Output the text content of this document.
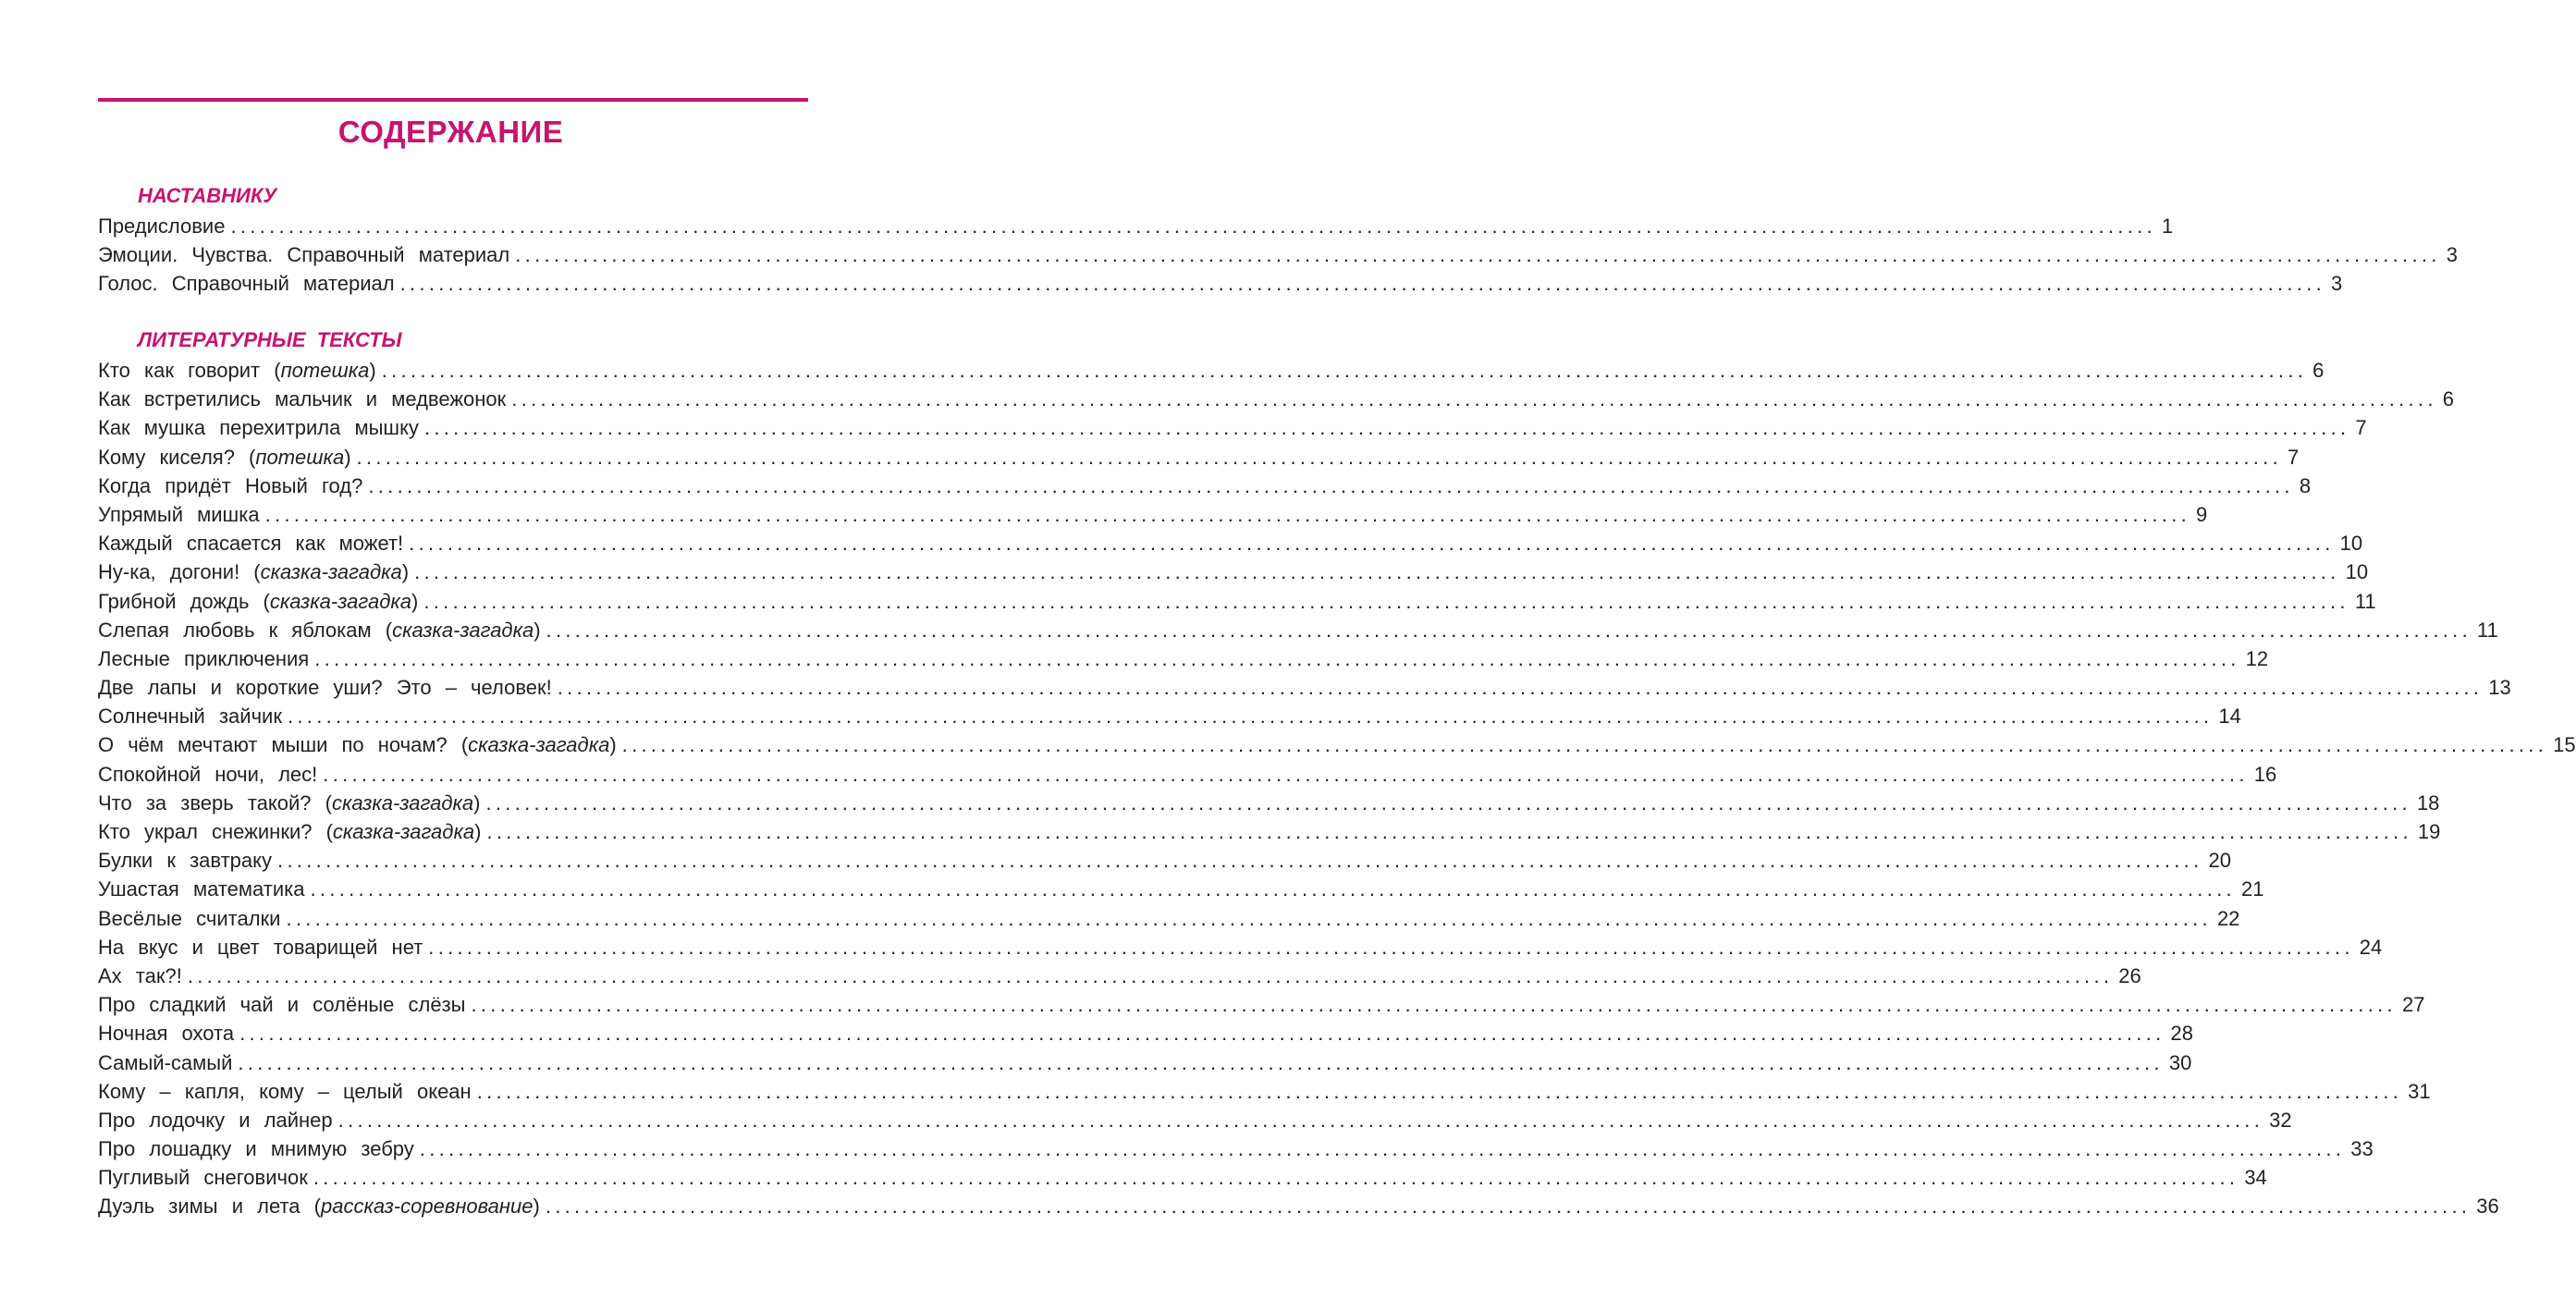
СОДЕРЖАНИЕ
НАСТАВНИКУ
Предисловие ........................................................................................................................................................................................................ 1
Эмоции. Чувства. Справочный материал ........................................................................................................................................................................................................ 3
Голос. Справочный материал ........................................................................................................................................................................................................ 3
ЛИТЕРАТУРНЫЕ ТЕКСТЫ
Кто как говорит (потешка) ........................................................................................................................................................................................................ 6
Как встретились мальчик и медвежонок ........................................................................................................................................................................................................ 6
Как мушка перехитрила мышку ........................................................................................................................................................................................................ 7
Кому киселя? (потешка) ........................................................................................................................................................................................................ 7
Когда придёт Новый год? ........................................................................................................................................................................................................ 8
Упрямый мишка ........................................................................................................................................................................................................ 9
Каждый спасается как может! ........................................................................................................................................................................................................ 10
Ну-ка, догони! (сказка-загадка) ........................................................................................................................................................................................................ 10
Грибной дождь (сказка-загадка) ........................................................................................................................................................................................................ 11
Слепая любовь к яблокам (сказка-загадка) ........................................................................................................................................................................................................ 11
Лесные приключения ........................................................................................................................................................................................................ 12
Две лапы и короткие уши? Это – человек! ........................................................................................................................................................................................................ 13
Солнечный зайчик ........................................................................................................................................................................................................ 14
О чём мечтают мыши по ночам? (сказка-загадка) ........................................................................................................................................................................................................ 15
Спокойной ночи, лес! ........................................................................................................................................................................................................ 16
Что за зверь такой? (сказка-загадка) ........................................................................................................................................................................................................ 18
Кто украл снежинки? (сказка-загадка) ........................................................................................................................................................................................................ 19
Булки к завтраку ........................................................................................................................................................................................................ 20
Ушастая математика ........................................................................................................................................................................................................ 21
Весёлые считалки ........................................................................................................................................................................................................ 22
На вкус и цвет товарищей нет ........................................................................................................................................................................................................ 24
Ах так?! ........................................................................................................................................................................................................ 26
Про сладкий чай и солёные слёзы ........................................................................................................................................................................................................ 27
Ночная охота ........................................................................................................................................................................................................ 28
Самый-самый ........................................................................................................................................................................................................ 30
Кому – капля, кому – целый океан ........................................................................................................................................................................................................ 31
Про лодочку и лайнер ........................................................................................................................................................................................................ 32
Про лошадку и мнимую зебру ........................................................................................................................................................................................................ 33
Пугливый снеговичок ........................................................................................................................................................................................................ 34
Дуэль зимы и лета (рассказ-соревнование) ........................................................................................................................................................................................................ 36
